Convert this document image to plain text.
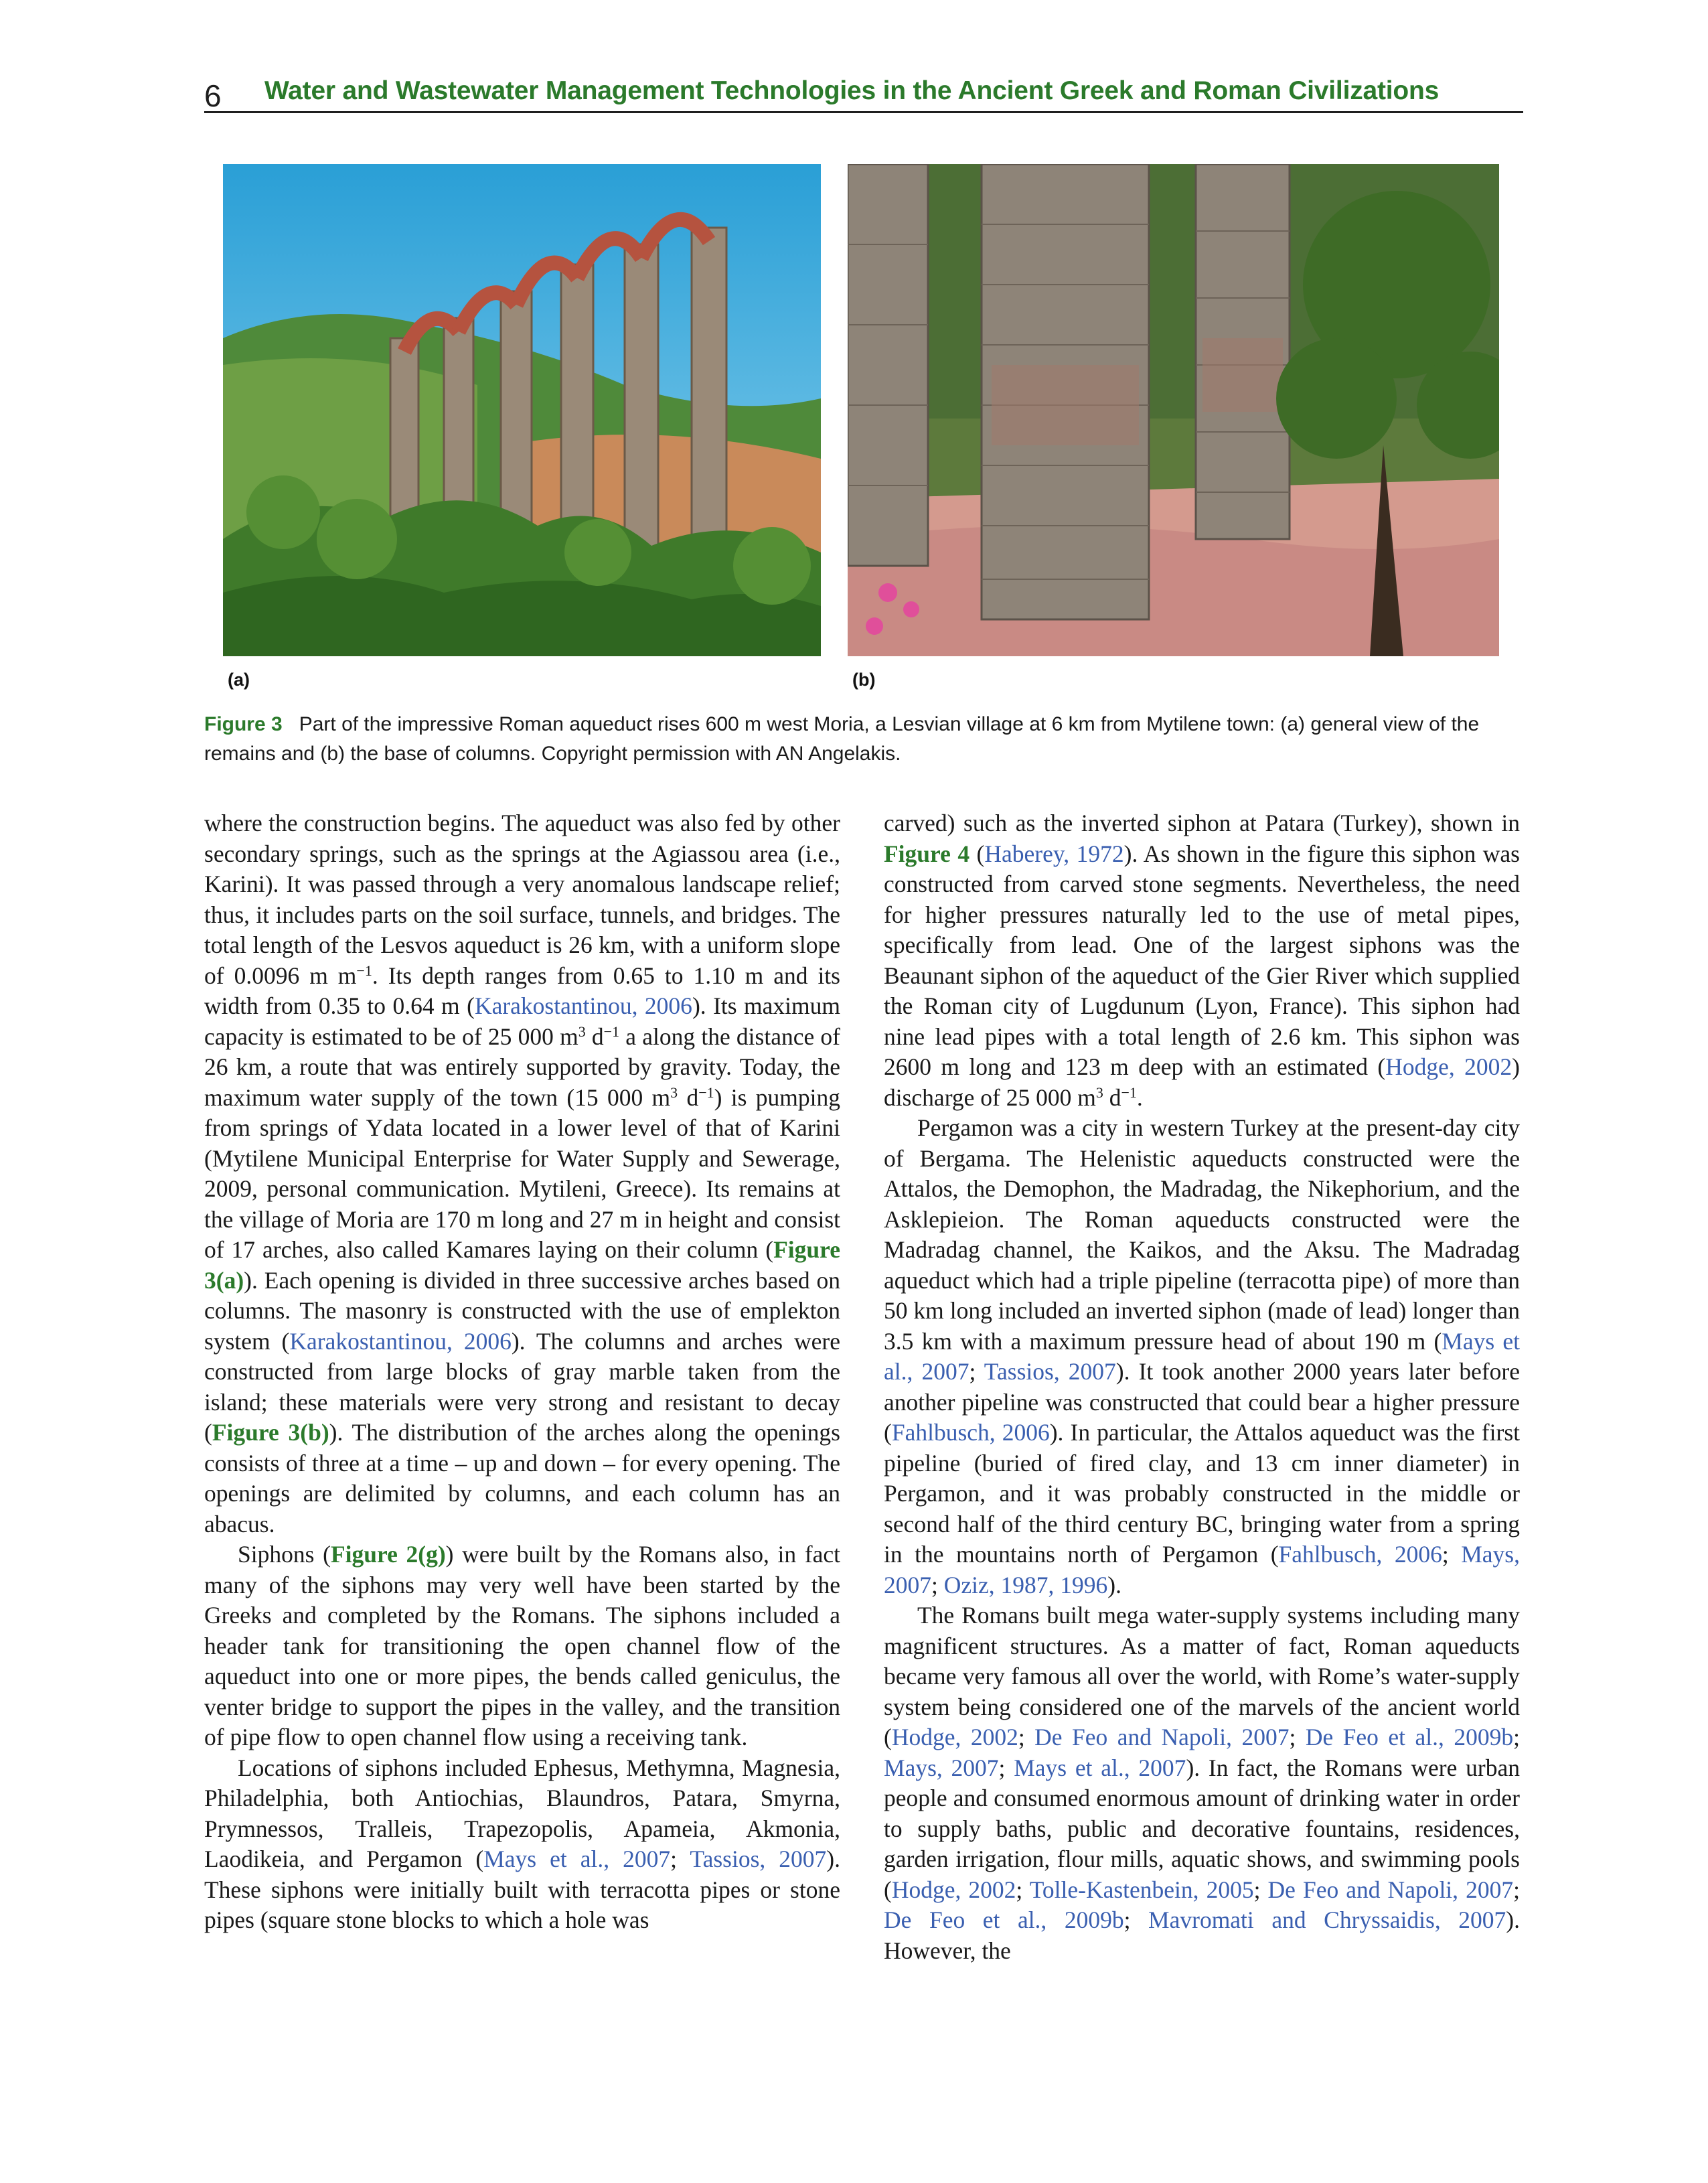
6 Water and Wastewater Management Technologies in the Ancient Greek and Roman Civilizations
(a)	(b)
Figure 3 Part of the impressive Roman aqueduct rises 600 m west Moria, a Lesvian village at 6 km from Mytilene town: (a) general view of the remains and (b) the base of columns. Copyright permission with AN Angelakis.

where the construction begins. The aqueduct was also fed by other secondary springs, such as the springs at the Agiassou area (i.e., Karini). It was passed through a very anomalous landscape relief; thus, it includes parts on the soil surface, tunnels, and bridges. The total length of the Lesvos aqueduct is 26 km, with a uniform slope of 0.0096 m $m^{-1}$. Its depth ranges from 0.65 to 1.10 m and its width from 0.35 to 0.64 m (Karakostantinou, 2006). Its maximum capacity is estimated to be of 25 000 $m^3$ $d^{-1}$ a along the distance of 26 km, a route that was entirely supported by gravity. Today, the maximum water supply of the town (15 000 $m^3$ $d^{-1}$) is pumping from springs of Ydata located in a lower level of that of Karini (Mytilene Municipal Enterprise for Water Supply and Sewerage, 2009, personal communication. Mytileni, Greece). Its remains at the village of Moria are 170 m long and 27 m in height and consist of 17 arches, also called Kamares laying on their column (Figure 3(a)). Each opening is divided in three successive arches based on columns. The masonry is constructed with the use of emplekton system (Karakostantinou, 2006). The columns and arches were constructed from large blocks of gray marble taken from the island; these materials were very strong and resistant to decay (Figure 3(b)). The distribution of the arches along the openings consists of three at a time – up and down – for every opening. The openings are delimited by columns, and each column has an abacus.

Siphons (Figure 2(g)) were built by the Romans also, in fact many of the siphons may very well have been started by the Greeks and completed by the Romans. The siphons included a header tank for transitioning the open channel flow of the aqueduct into one or more pipes, the bends called geniculus, the venter bridge to support the pipes in the valley, and the transition of pipe flow to open channel flow using a receiving tank.

Locations of siphons included Ephesus, Methymna, Magnesia, Philadelphia, both Antiochias, Blaundros, Patara, Smyrna, Prymnessos, Tralleis, Trapezopolis, Apameia, Akmonia, Laodikeia, and Pergamon (Mays et al., 2007; Tassios, 2007). These siphons were initially built with terracotta pipes or stone pipes (square stone blocks to which a hole was

carved) such as the inverted siphon at Patara (Turkey), shown in Figure 4 (Haberey, 1972). As shown in the figure this siphon was constructed from carved stone segments. Nevertheless, the need for higher pressures naturally led to the use of metal pipes, specifically from lead. One of the largest siphons was the Beaunant siphon of the aqueduct of the Gier River which supplied the Roman city of Lugdunum (Lyon, France). This siphon had nine lead pipes with a total length of 2.6 km. This siphon was 2600 m long and 123 m deep with an estimated (Hodge, 2002) discharge of 25 000 $m^3$ $d^{-1}$.

Pergamon was a city in western Turkey at the present-day city of Bergama. The Helenistic aqueducts constructed were the Attalos, the Demophon, the Madradag, the Nikephorium, and the Asklepieion. The Roman aqueducts constructed were the Madradag channel, the Kaikos, and the Aksu. The Madradag aqueduct which had a triple pipeline (terracotta pipe) of more than 50 km long included an inverted siphon (made of lead) longer than 3.5 km with a maximum pressure head of about 190 m (Mays et al., 2007; Tassios, 2007). It took another 2000 years later before another pipeline was constructed that could bear a higher pressure (Fahlbusch, 2006). In particular, the Attalos aqueduct was the first pipeline (buried of fired clay, and 13 cm inner diameter) in Pergamon, and it was probably constructed in the middle or second half of the third century BC, bringing water from a spring in the mountains north of Pergamon (Fahlbusch, 2006; Mays, 2007; Oziz, 1987, 1996).

The Romans built mega water-supply systems including many magnificent structures. As a matter of fact, Roman aqueducts became very famous all over the world, with Rome’s water-supply system being considered one of the marvels of the ancient world (Hodge, 2002; De Feo and Napoli, 2007; De Feo et al., 2009b; Mays, 2007; Mays et al., 2007). In fact, the Romans were urban people and consumed enormous amount of drinking water in order to supply baths, public and decorative fountains, residences, garden irrigation, flour mills, aquatic shows, and swimming pools (Hodge, 2002; Tolle-Kastenbein, 2005; De Feo and Napoli, 2007; De Feo et al., 2009b; Mavromati and Chryssaidis, 2007). However, the
